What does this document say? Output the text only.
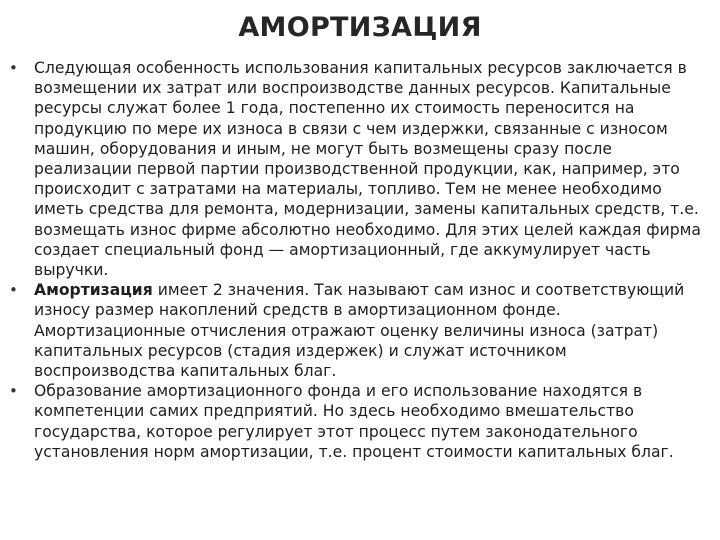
АМОРТИЗАЦИЯ
•	Следующая особенность использования капитальных ресурсов заключается в возмещении их затрат или воспроизводстве данных ресурсов. Капитальные ресурсы служат более 1 года, постепенно их стоимость переносится на продукцию по мере их износа в связи с чем издержки, связанные с износом машин, оборудования и иным, не могут быть возмещены сразу после реализации первой партии производственной продукции, как, например, это происходит с затратами на материалы, топливо. Тем не менее необходимо иметь средства для ремонта, модернизации, замены капитальных средств, т.е. возмещать износ фирме абсолютно необходимо. Для этих целей каждая фирма создает специальный фонд — амортизационный, где аккумулирует часть выручки.
•	Амортизация имеет 2 значения. Так называют сам износ и соответствующий износу размер накоплений средств в амортизационном фонде. Амортизационные отчисления отражают оценку величины износа (затрат) капитальных ресурсов (стадия издержек) и служат источником воспроизводства капитальных благ.
•	Образование амортизационного фонда и его использование находятся в компетенции самих предприятий. Но здесь необходимо вмешательство государства, которое регулирует этот процесс путем законодательного установления норм амортизации, т.е. процент стоимости капитальных благ.
